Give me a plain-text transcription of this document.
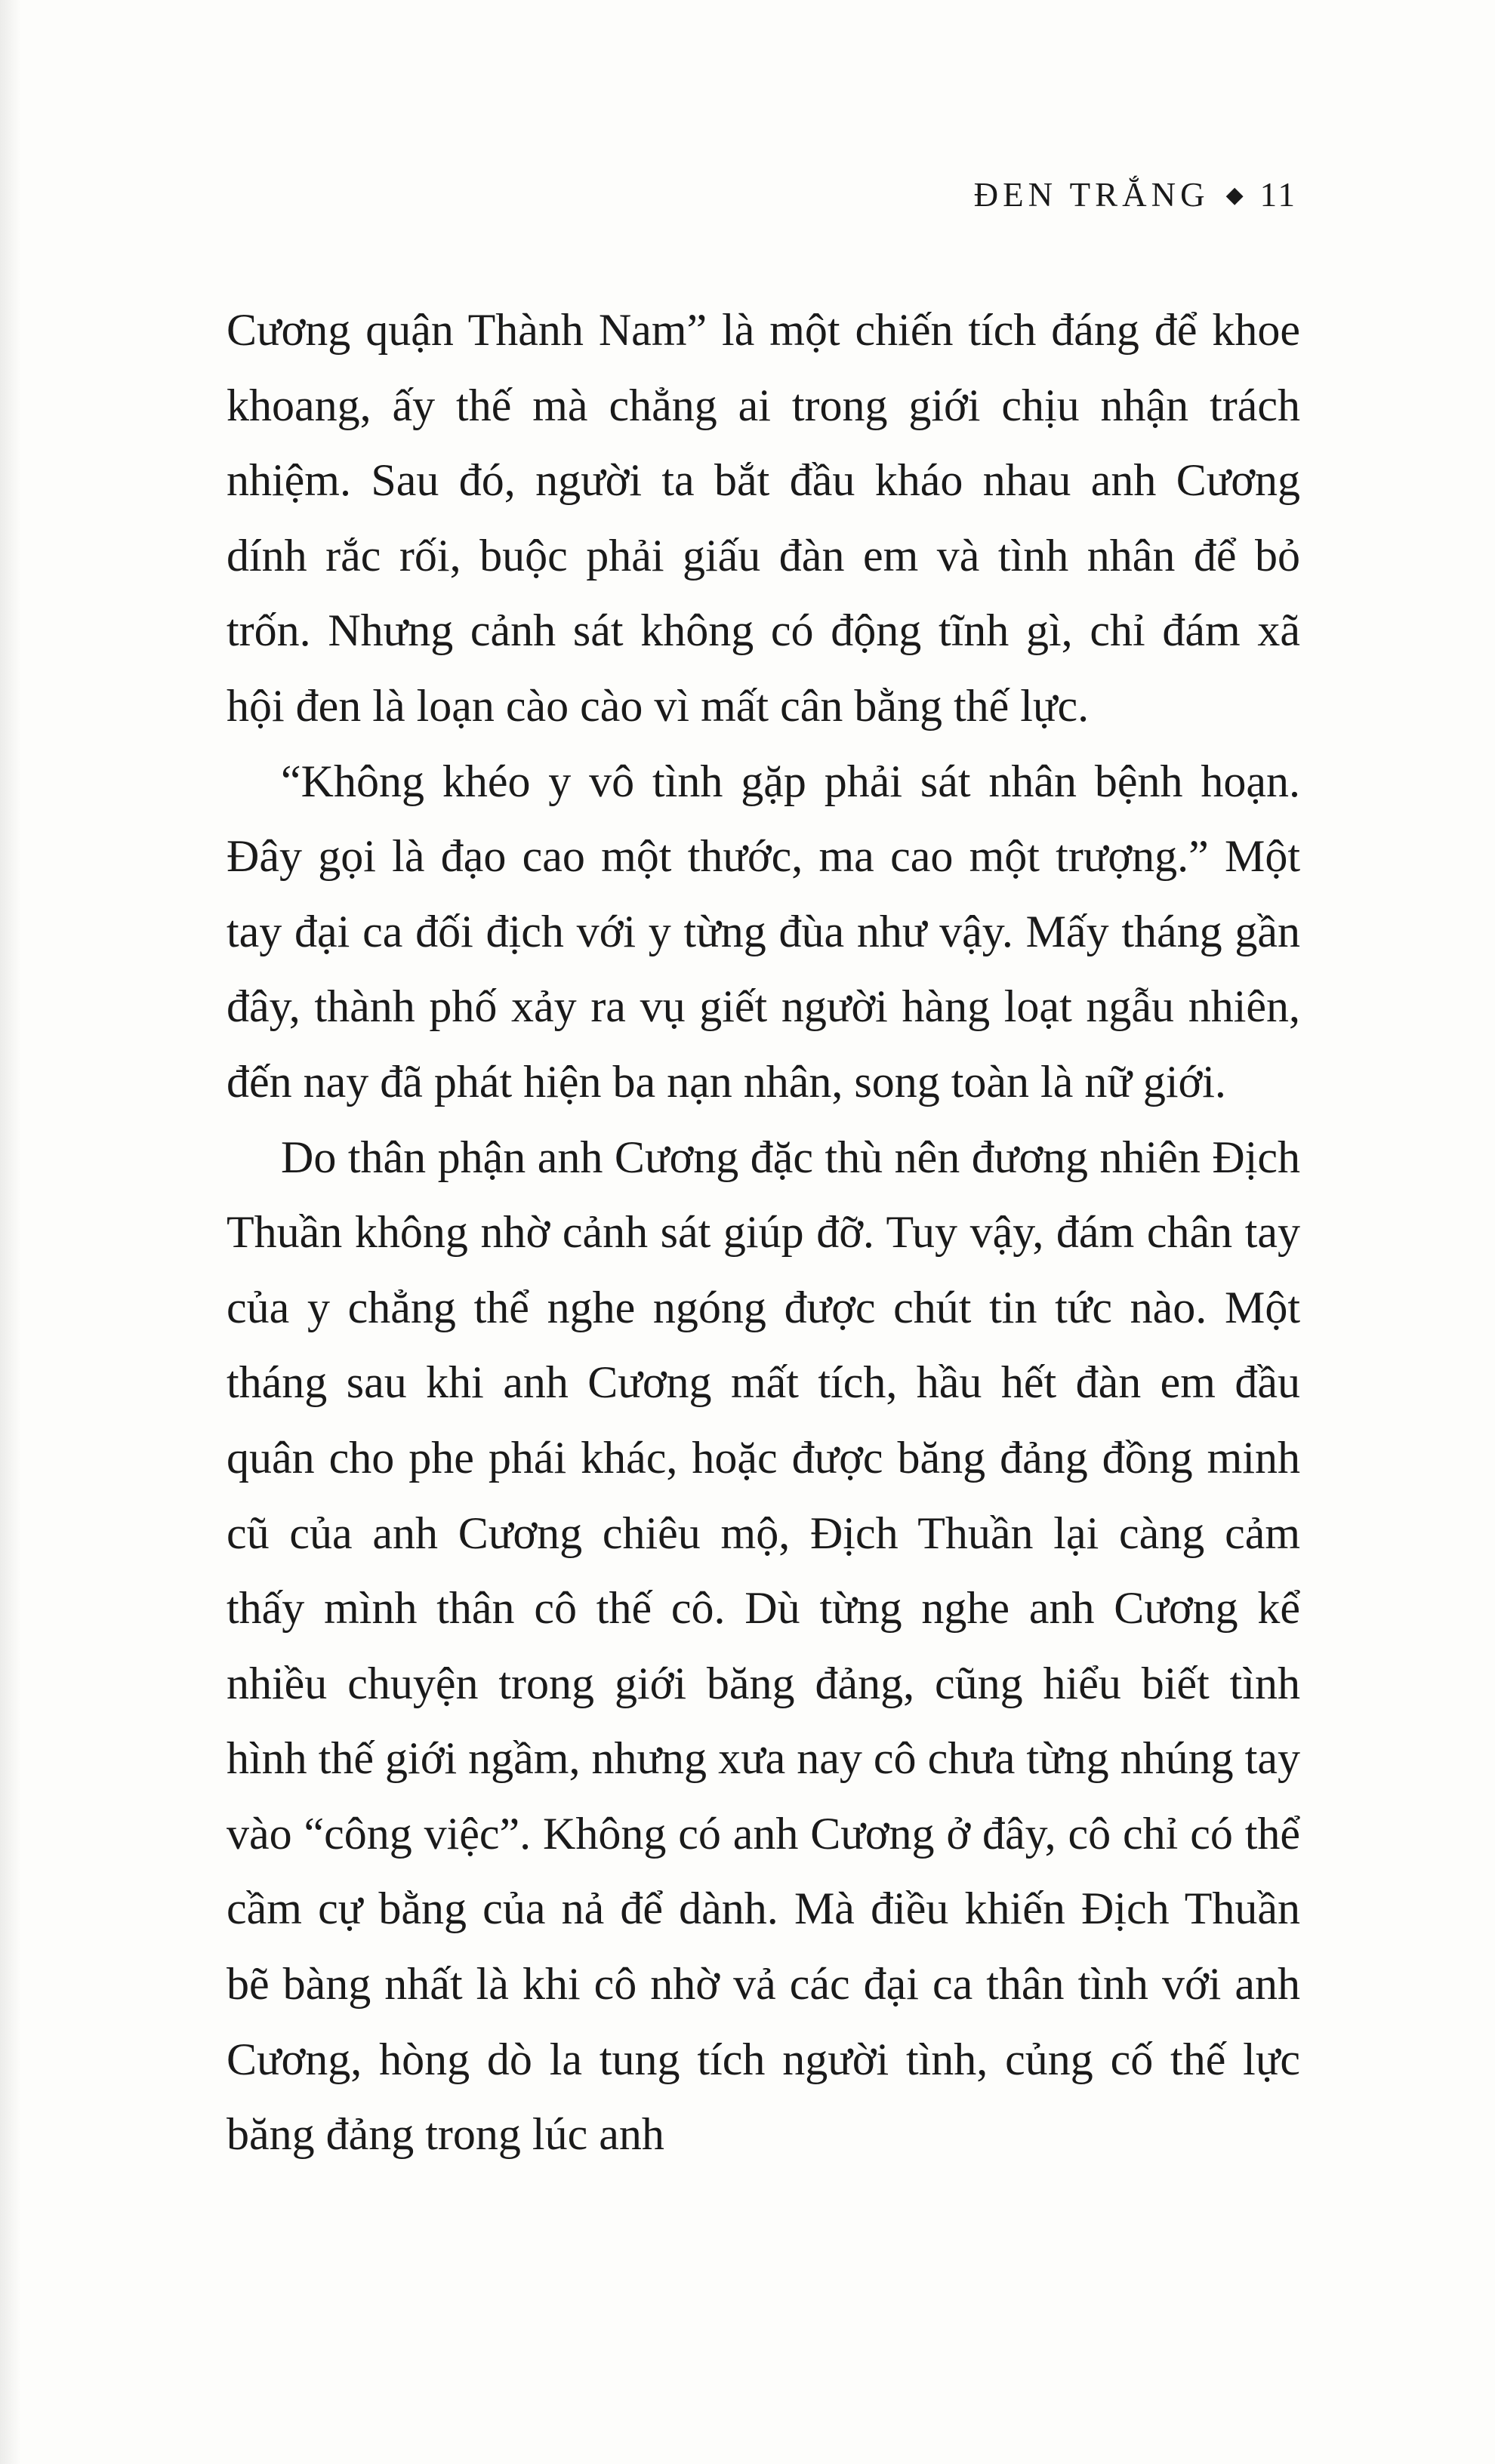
ĐEN TRẮNG ◆ 11

Cương quận Thành Nam” là một chiến tích đáng để khoe khoang, ấy thế mà chẳng ai trong giới chịu nhận trách nhiệm. Sau đó, người ta bắt đầu kháo nhau anh Cương dính rắc rối, buộc phải giấu đàn em và tình nhân để bỏ trốn. Nhưng cảnh sát không có động tĩnh gì, chỉ đám xã hội đen là loạn cào cào vì mất cân bằng thế lực.

“Không khéo y vô tình gặp phải sát nhân bệnh hoạn. Đây gọi là đạo cao một thước, ma cao một trượng.” Một tay đại ca đối địch với y từng đùa như vậy. Mấy tháng gần đây, thành phố xảy ra vụ giết người hàng loạt ngẫu nhiên, đến nay đã phát hiện ba nạn nhân, song toàn là nữ giới.

Do thân phận anh Cương đặc thù nên đương nhiên Địch Thuần không nhờ cảnh sát giúp đỡ. Tuy vậy, đám chân tay của y chẳng thể nghe ngóng được chút tin tức nào. Một tháng sau khi anh Cương mất tích, hầu hết đàn em đầu quân cho phe phái khác, hoặc được băng đảng đồng minh cũ của anh Cương chiêu mộ, Địch Thuần lại càng cảm thấy mình thân cô thế cô. Dù từng nghe anh Cương kể nhiều chuyện trong giới băng đảng, cũng hiểu biết tình hình thế giới ngầm, nhưng xưa nay cô chưa từng nhúng tay vào “công việc”. Không có anh Cương ở đây, cô chỉ có thể cầm cự bằng của nả để dành. Mà điều khiến Địch Thuần bẽ bàng nhất là khi cô nhờ vả các đại ca thân tình với anh Cương, hòng dò la tung tích người tình, củng cố thế lực băng đảng trong lúc anh
